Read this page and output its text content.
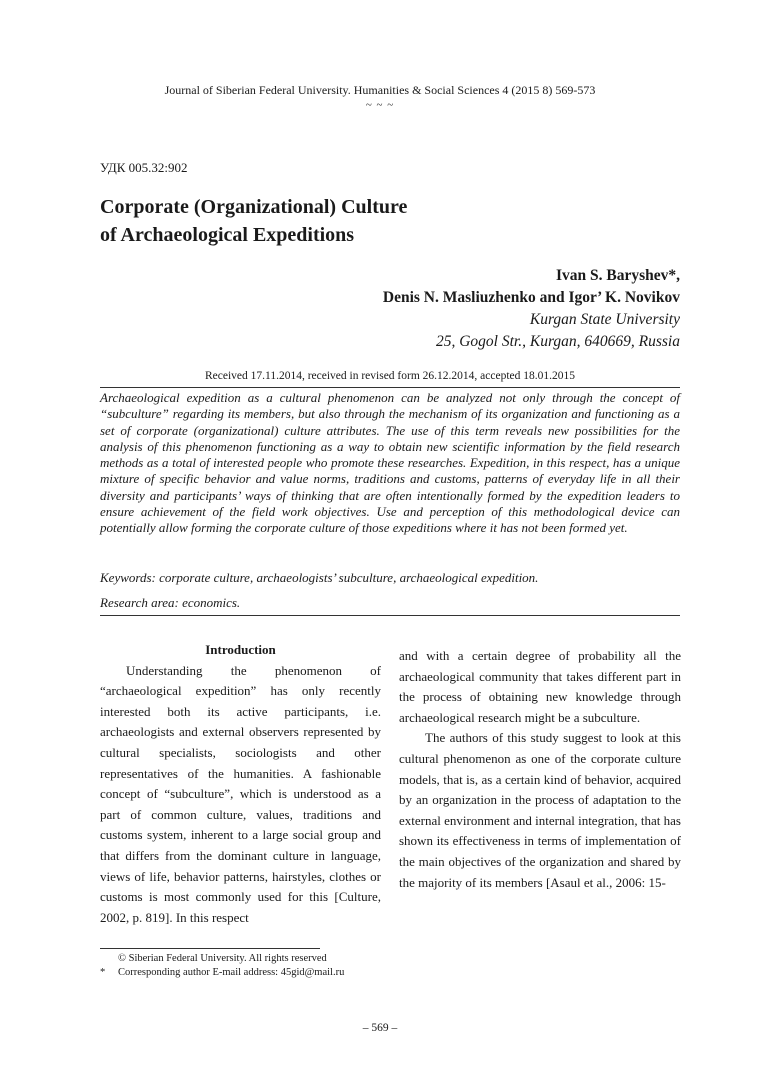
Journal of Siberian Federal University. Humanities & Social Sciences 4 (2015 8) 569-573
~ ~ ~
УДК 005.32:902
Corporate (Organizational) Culture
of Archaeological Expeditions
Ivan S. Baryshev*,
Denis N. Masliuzhenko and Igor’ K. Novikov
Kurgan State University
25, Gogol Str., Kurgan, 640669, Russia
Received 17.11.2014, received in revised form 26.12.2014, accepted 18.01.2015
Archaeological expedition as a cultural phenomenon can be analyzed not only through the concept of “subculture” regarding its members, but also through the mechanism of its organization and functioning as a set of corporate (organizational) culture attributes. The use of this term reveals new possibilities for the analysis of this phenomenon functioning as a way to obtain new scientific information by the field research methods as a total of interested people who promote these researches. Expedition, in this respect, has a unique mixture of specific behavior and value norms, traditions and customs, patterns of everyday life in all their diversity and participants’ ways of thinking that are often intentionally formed by the expedition leaders to ensure achievement of the field work objectives. Use and perception of this methodological device can potentially allow forming the corporate culture of those expeditions where it has not been formed yet.
Keywords: corporate culture, archaeologists’ subculture, archaeological expedition.
Research area: economics.

Introduction

Understanding the phenomenon of “archaeological expedition” has only recently interested both its active participants, i.e. archaeologists and external observers represented by cultural specialists, sociologists and other representatives of the humanities. A fashionable concept of “subculture”, which is understood as a part of common culture, values, traditions and customs system, inherent to a large social group and that differs from the dominant culture in language, views of life, behavior patterns, hairstyles, clothes or customs is most commonly used for this [Culture, 2002, p. 819]. In this respect

and with a certain degree of probability all the archaeological community that takes different part in the process of obtaining new knowledge through archaeological research might be a subculture.

The authors of this study suggest to look at this cultural phenomenon as one of the corporate culture models, that is, as a certain kind of behavior, acquired by an organization in the process of adaptation to the external environment and internal integration, that has shown its effectiveness in terms of implementation of the main objectives of the organization and shared by the majority of its members [Asaul et al., 2006: 15-

© Siberian Federal University. All rights reserved
* Corresponding author E-mail address: 45gid@mail.ru
– 569 –
